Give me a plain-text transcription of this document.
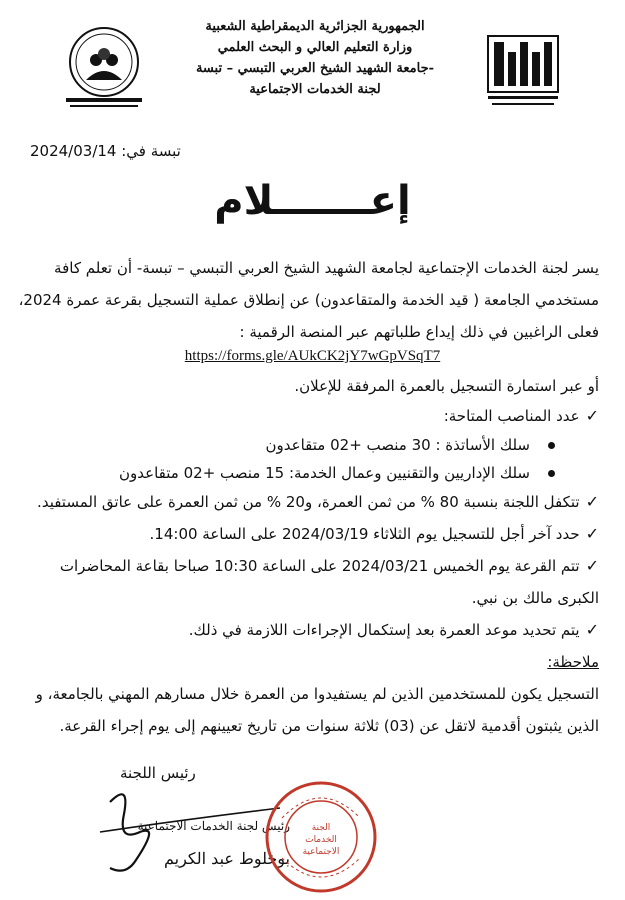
الجمهورية الجزائرية الديمقراطية الشعبية
وزارة التعليم العالي و البحث العلمي
جامعة الشهيد الشيخ العربي التبسي – تبسة-
لجنة الخدمات الاجتماعية
تبسة في: 2024/03/14
إعـــــــلام
يسر لجنة الخدمات الإجتماعية لجامعة الشهيد الشيخ العربي التبسي – تبسة- أن تعلم كافة
مستخدمي الجامعة ( قيد الخدمة والمتقاعدون) عن إنطلاق عملية التسجيل بقرعة عمرة 2024،
فعلى الراغبين في ذلك إيداع طلباتهم عبر المنصة الرقمية :
https://forms.gle/AUkCK2jY7wGpVSqT7
أو عبر استمارة التسجيل بالعمرة المرفقة للإعلان.
✓عدد المناصب المتاحة:
سلك الأساتذة : 30 منصب +02 متقاعدون
سلك الإداريين والتقنيين وعمال الخدمة: 15 منصب +02 متقاعدون
✓تتكفل اللجنة بنسبة 80 % من ثمن العمرة، و20 % من ثمن العمرة على عاتق المستفيد.
✓حدد آخر أجل للتسجيل يوم الثلاثاء 2024/03/19 على الساعة 14:00.
✓تتم القرعة يوم الخميس 2024/03/21 على الساعة 10:30 صباحا بقاعة المحاضرات
الكبرى مالك بن نبي.
✓يتم تحديد موعد العمرة بعد إستكمال الإجراءات اللازمة في ذلك.
ملاحظة:
التسجيل يكون للمستخدمين الذين لم يستفيدوا من العمرة خلال مسارهم المهني بالجامعة، و
الذين يثبتون أقدمية لاتقل عن (03) ثلاثة سنوات من تاريخ تعيينهم إلى يوم إجراء القرعة.
رئيس اللجنة
رئيس لجنة الخدمات الاجتماعية
بوخلوط عبد الكريم
الجنة
الخدمات
الاجتماعية
